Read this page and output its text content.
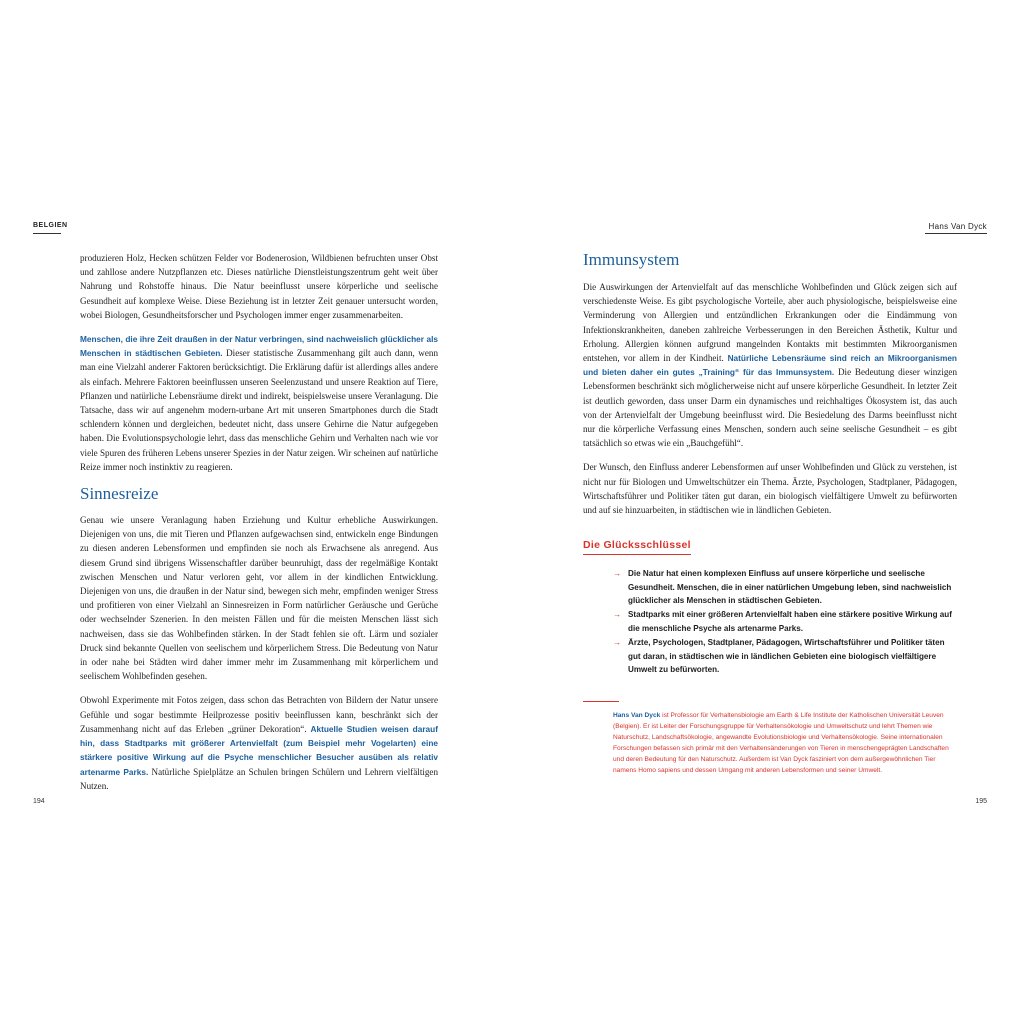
BELGIEN

produzieren Holz, Hecken schützen Felder vor Bodenerosion, Wildbienen befruchten unser Obst und zahllose andere Nutzpflanzen etc. Dieses natürliche Dienstleistungszentrum geht weit über Nahrung und Rohstoffe hinaus. Die Natur beeinflusst unsere körperliche und seelische Gesundheit auf komplexe Weise. Diese Beziehung ist in letzter Zeit genauer untersucht worden, wobei Biologen, Gesundheitsforscher und Psychologen immer enger zusammenarbeiten.

Menschen, die ihre Zeit draußen in der Natur verbringen, sind nachweislich glücklicher als Menschen in städtischen Gebieten. Dieser statistische Zusammenhang gilt auch dann, wenn man eine Vielzahl anderer Faktoren berücksichtigt. Die Erklärung dafür ist allerdings alles andere als einfach. Mehrere Faktoren beeinflussen unseren Seelenzustand und unsere Reaktion auf Tiere, Pflanzen und natürliche Lebensräume direkt und indirekt, beispielsweise unsere Veranlagung. Die Tatsache, dass wir auf angenehm modern-urbane Art mit unseren Smartphones durch die Stadt schlendern können und dergleichen, bedeutet nicht, dass unsere Gehirne die Natur aufgegeben haben. Die Evolutionspsychologie lehrt, dass das menschliche Gehirn und Verhalten nach wie vor viele Spuren des früheren Lebens unserer Spezies in der Natur zeigen. Wir scheinen auf natürliche Reize immer noch instinktiv zu reagieren.

Sinnesreize

Genau wie unsere Veranlagung haben Erziehung und Kultur erhebliche Auswirkungen. Diejenigen von uns, die mit Tieren und Pflanzen aufgewachsen sind, entwickeln enge Bindungen zu diesen anderen Lebensformen und empfinden sie noch als Erwachsene als anregend. Aus diesem Grund sind übrigens Wissenschaftler darüber beunruhigt, dass der regelmäßige Kontakt zwischen Menschen und Natur verloren geht, vor allem in der kindlichen Entwicklung. Diejenigen von uns, die draußen in der Natur sind, bewegen sich mehr, empfinden weniger Stress und profitieren von einer Vielzahl an Sinnesreizen in Form natürlicher Geräusche und Gerüche oder wechselnder Szenerien. In den meisten Fällen und für die meisten Menschen lässt sich nachweisen, dass sie das Wohlbefinden stärken. In der Stadt fehlen sie oft. Lärm und sozialer Druck sind bekannte Quellen von seelischem und körperlichem Stress. Die Bedeutung von Natur in oder nahe bei Städten wird daher immer mehr im Zusammenhang mit körperlichem und seelischem Wohlbefinden gesehen.

Obwohl Experimente mit Fotos zeigen, dass schon das Betrachten von Bildern der Natur unsere Gefühle und sogar bestimmte Heilprozesse positiv beeinflussen kann, beschränkt sich der Zusammenhang nicht auf das Erleben „grüner Dekoration“. Aktuelle Studien weisen darauf hin, dass Stadtparks mit größerer Artenvielfalt (zum Beispiel mehr Vogelarten) eine stärkere positive Wirkung auf die Psyche menschlicher Besucher ausüben als relativ artenarme Parks. Natürliche Spielplätze an Schulen bringen Schülern und Lehrern vielfältigen Nutzen.

194
Hans Van Dyck
Immunsystem

Die Auswirkungen der Artenvielfalt auf das menschliche Wohlbefinden und Glück zeigen sich auf verschiedenste Weise. Es gibt psychologische Vorteile, aber auch physiologische, beispielsweise eine Verminderung von Allergien und entzündlichen Erkrankungen oder die Eindämmung von Infektionskrankheiten, daneben zahlreiche Verbesserungen in den Bereichen Ästhetik, Kultur und Erholung. Allergien können aufgrund mangelnden Kontakts mit bestimmten Mikroorganismen entstehen, vor allem in der Kindheit. Natürliche Lebensräume sind reich an Mikroorganismen und bieten daher ein gutes „Training“ für das Immunsystem. Die Bedeutung dieser winzigen Lebensformen beschränkt sich möglicherweise nicht auf unsere körperliche Gesundheit. In letzter Zeit ist deutlich geworden, dass unser Darm ein dynamisches und reichhaltiges Ökosystem ist, das auch von der Artenvielfalt der Umgebung beeinflusst wird. Die Besiedelung des Darms beeinflusst nicht nur die körperliche Verfassung eines Menschen, sondern auch seine seelische Gesundheit – es gibt tatsächlich so etwas wie ein „Bauchgefühl“.

Der Wunsch, den Einfluss anderer Lebensformen auf unser Wohlbefinden und Glück zu verstehen, ist nicht nur für Biologen und Umweltschützer ein Thema. Ärzte, Psychologen, Stadtplaner, Pädagogen, Wirtschaftsführer und Politiker täten gut daran, ein biologisch vielfältigere Umwelt zu befürworten und auf sie hinzuarbeiten, in städtischen wie in ländlichen Gebieten.

Die Glücksschlüssel
→ Die Natur hat einen komplexen Einfluss auf unsere körperliche und seelische Gesundheit. Menschen, die in einer natürlichen Umgebung leben, sind nachweislich glücklicher als Menschen in städtischen Gebieten.
→ Stadtparks mit einer größeren Artenvielfalt haben eine stärkere positive Wirkung auf die menschliche Psyche als artenarme Parks.
→ Ärzte, Psychologen, Stadtplaner, Pädagogen, Wirtschaftsführer und Politiker täten gut daran, in städtischen wie in ländlichen Gebieten eine biologisch vielfältigere Umwelt zu befürworten.

Hans Van Dyck ist Professor für Verhaltensbiologie am Earth & Life Institute der Katholischen Universität Leuven (Belgien). Er ist Leiter der Forschungsgruppe für Verhaltensökologie und Umweltschutz und lehrt Themen wie Naturschutz, Landschaftsökologie, angewandte Evolutionsbiologie und Verhaltensökologie. Seine internationalen Forschungen befassen sich primär mit den Verhaltensänderungen von Tieren in menschengeprägten Landschaften und deren Bedeutung für den Naturschutz. Außerdem ist Van Dyck fasziniert von dem außergewöhnlichen Tier namens Homo sapiens und dessen Umgang mit anderen Lebensformen und seiner Umwelt.

195
